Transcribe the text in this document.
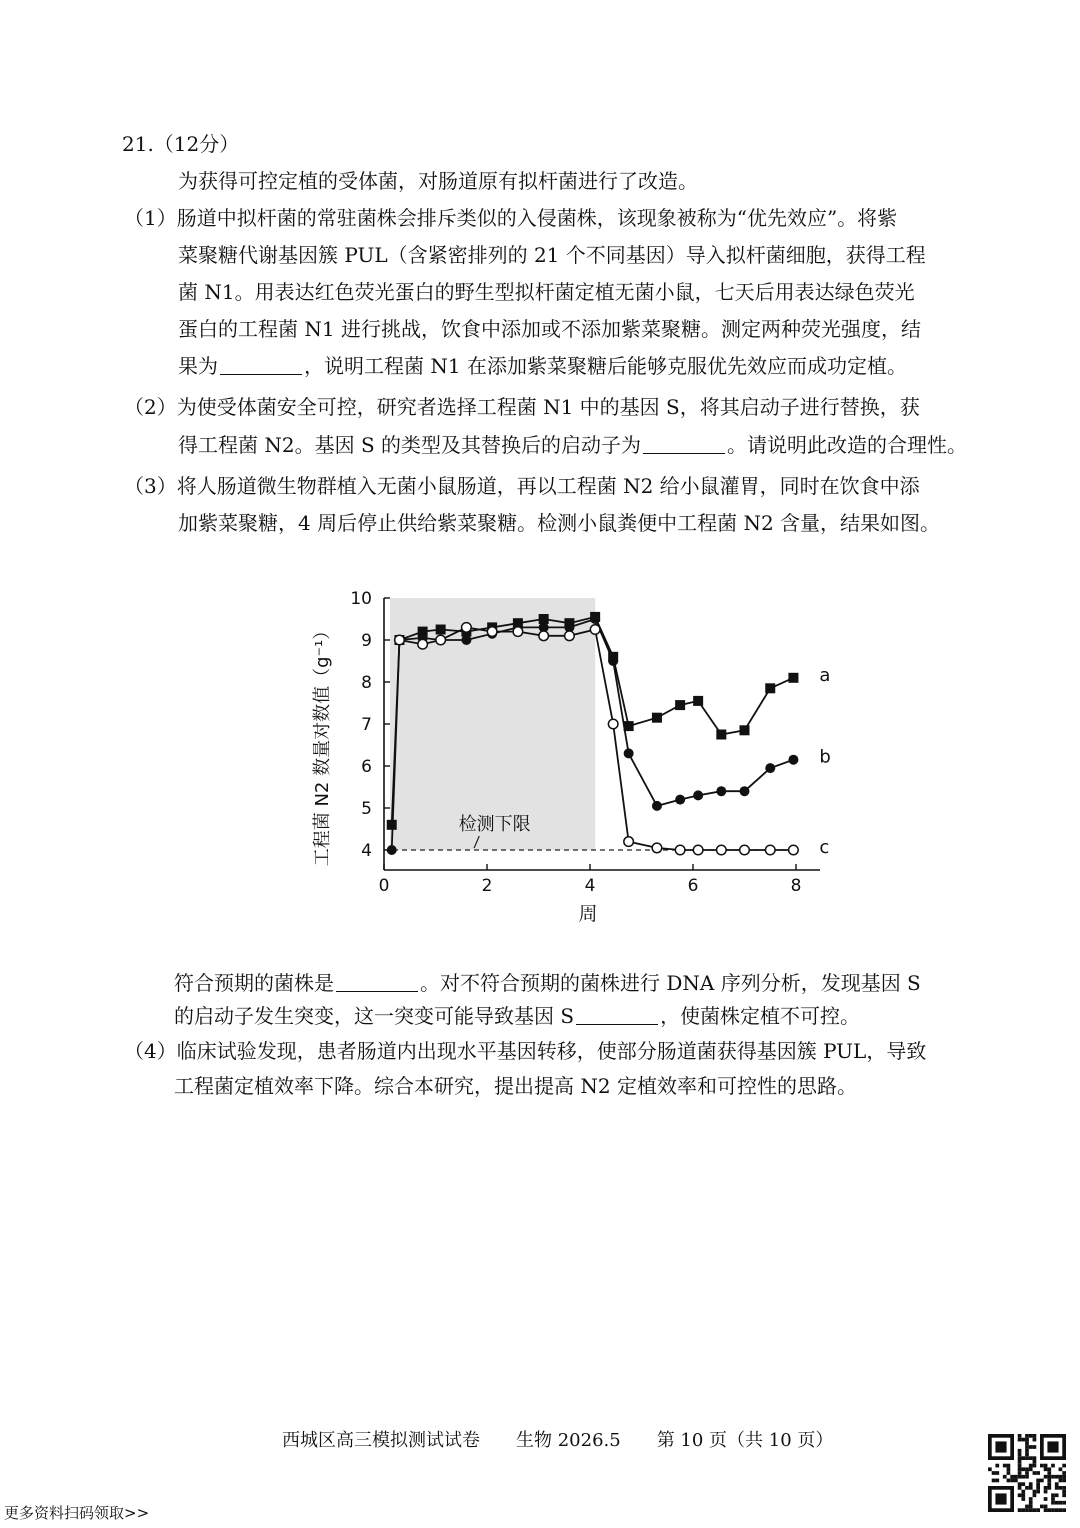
21.（12分）
为获得可控定植的受体菌，对肠道原有拟杆菌进行了改造。
（1）肠道中拟杆菌的常驻菌株会排斥类似的入侵菌株，该现象被称为“优先效应”。将紫
菜聚糖代谢基因簇 PUL（含紧密排列的 21 个不同基因）导入拟杆菌细胞，获得工程
菌 N1。用表达红色荧光蛋白的野生型拟杆菌定植无菌小鼠，七天后用表达绿色荧光
蛋白的工程菌 N1 进行挑战，饮食中添加或不添加紫菜聚糖。测定两种荧光强度，结
果为	，说明工程菌 N1 在添加紫菜聚糖后能够克服优先效应而成功定植。
（2）为使受体菌安全可控，研究者选择工程菌 N1 中的基因 S，将其启动子进行替换，获
得工程菌 N2。基因 S 的类型及其替换后的启动子为	。请说明此改造的合理性。
（3）将人肠道微生物群植入无菌小鼠肠道，再以工程菌 N2 给小鼠灌胃，同时在饮食中添
加紫菜聚糖，4 周后停止供给紫菜聚糖。检测小鼠粪便中工程菌 N2 含量，结果如图。
检测下限
4
5
6
7
8
9
10
0	2	4	6	8
a
b
c
周
工程菌 N2 数量对数值（g⁻¹）
符合预期的菌株是	。对不符合预期的菌株进行 DNA 序列分析，发现基因 S
的启动子发生突变，这一突变可能导致基因 S	，使菌株定植不可控。
（4）临床试验发现，患者肠道内出现水平基因转移，使部分肠道菌获得基因簇 PUL，导致
工程菌定植效率下降。综合本研究，提出提高 N2 定植效率和可控性的思路。
西城区高三模拟测试试卷　　生物 2026.5　　第 10 页（共 10 页）
更多资料扫码领取>>
